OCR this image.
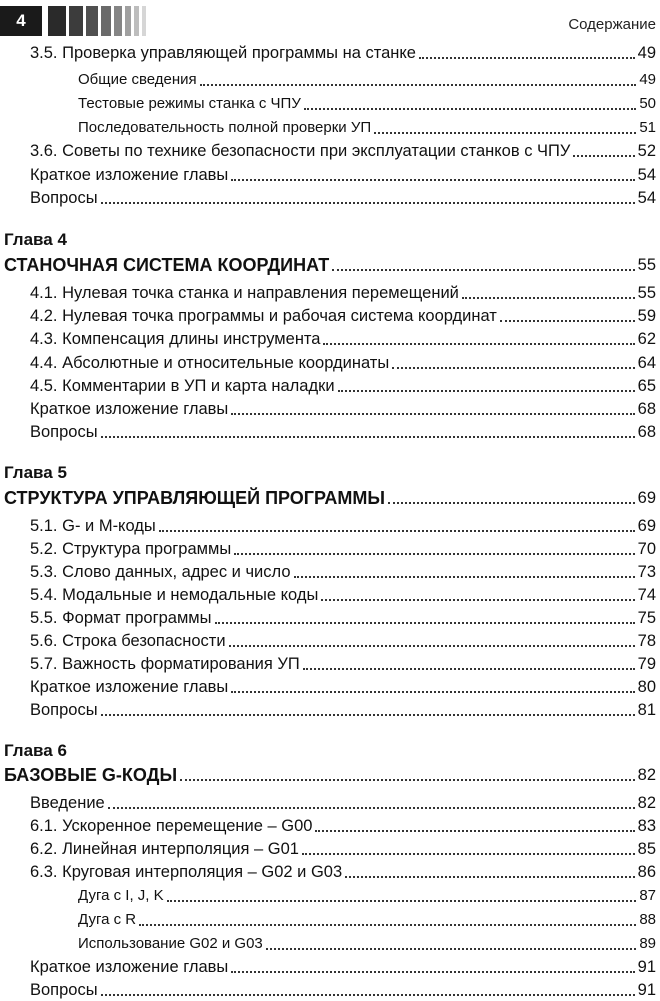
4	Содержание
3.5. Проверка управляющей программы на станке	49
Общие сведения	49
Тестовые режимы станка с ЧПУ	50
Последовательность полной проверки УП	51
3.6. Советы по технике безопасности при эксплуатации станков с ЧПУ	52
Краткое изложение главы	54
Вопросы	54
Глава 4
СТАНОЧНАЯ СИСТЕМА КООРДИНАТ	55
4.1. Нулевая точка станка и направления перемещений	55
4.2. Нулевая точка программы и рабочая система координат	59
4.3. Компенсация длины инструмента	62
4.4. Абсолютные и относительные координаты	64
4.5. Комментарии в УП и карта наладки	65
Краткое изложение главы	68
Вопросы	68
Глава 5
СТРУКТУРА УПРАВЛЯЮЩЕЙ ПРОГРАММЫ	69
5.1. G- и M-коды	69
5.2. Структура программы	70
5.3. Слово данных, адрес и число	73
5.4. Модальные и немодальные коды	74
5.5. Формат программы	75
5.6. Строка безопасности	78
5.7. Важность форматирования УП	79
Краткое изложение главы	80
Вопросы	81
Глава 6
БАЗОВЫЕ G-КОДЫ	82
Введение	82
6.1. Ускоренное перемещение – G00	83
6.2. Линейная интерполяция – G01	85
6.3. Круговая интерполяция – G02 и G03	86
Дуга с I, J, K	87
Дуга с R	88
Использование G02 и G03	89
Краткое изложение главы	91
Вопросы	91
